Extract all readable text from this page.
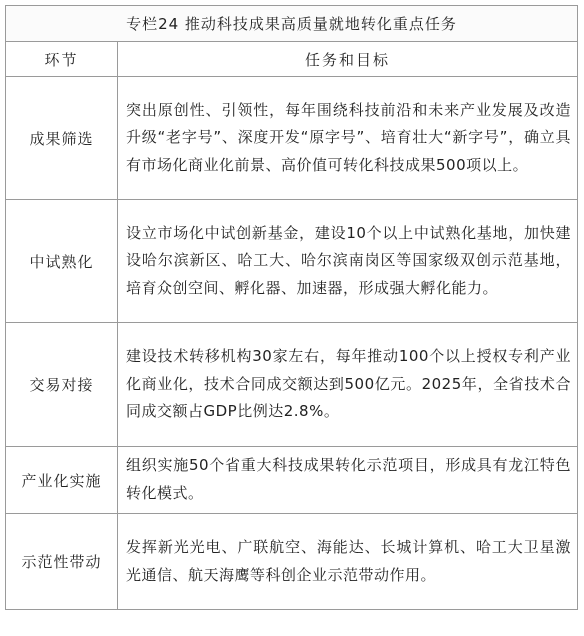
专栏24 推动科技成果高质量就地转化重点任务	
环节	任务和目标
成果筛选	突出原创性、引领性，每年围绕科技前沿和未来产业发展及改造升级“老字号”、深度开发“原字号”、培育壮大“新字号”，确立具有市场化商业化前景、高价值可转化科技成果500项以上。
中试熟化	设立市场化中试创新基金，建设10个以上中试熟化基地，加快建设哈尔滨新区、哈工大、哈尔滨南岗区等国家级双创示范基地，培育众创空间、孵化器、加速器，形成强大孵化能力。
交易对接	建设技术转移机构30家左右，每年推动100个以上授权专利产业化商业化，技术合同成交额达到500亿元。2025年，全省技术合同成交额占GDP比例达2.8%。
产业化实施	组织实施50个省重大科技成果转化示范项目，形成具有龙江特色转化模式。
示范性带动	发挥新光光电、广联航空、海能达、长城计算机、哈工大卫星激光通信、航天海鹰等科创企业示范带动作用。
